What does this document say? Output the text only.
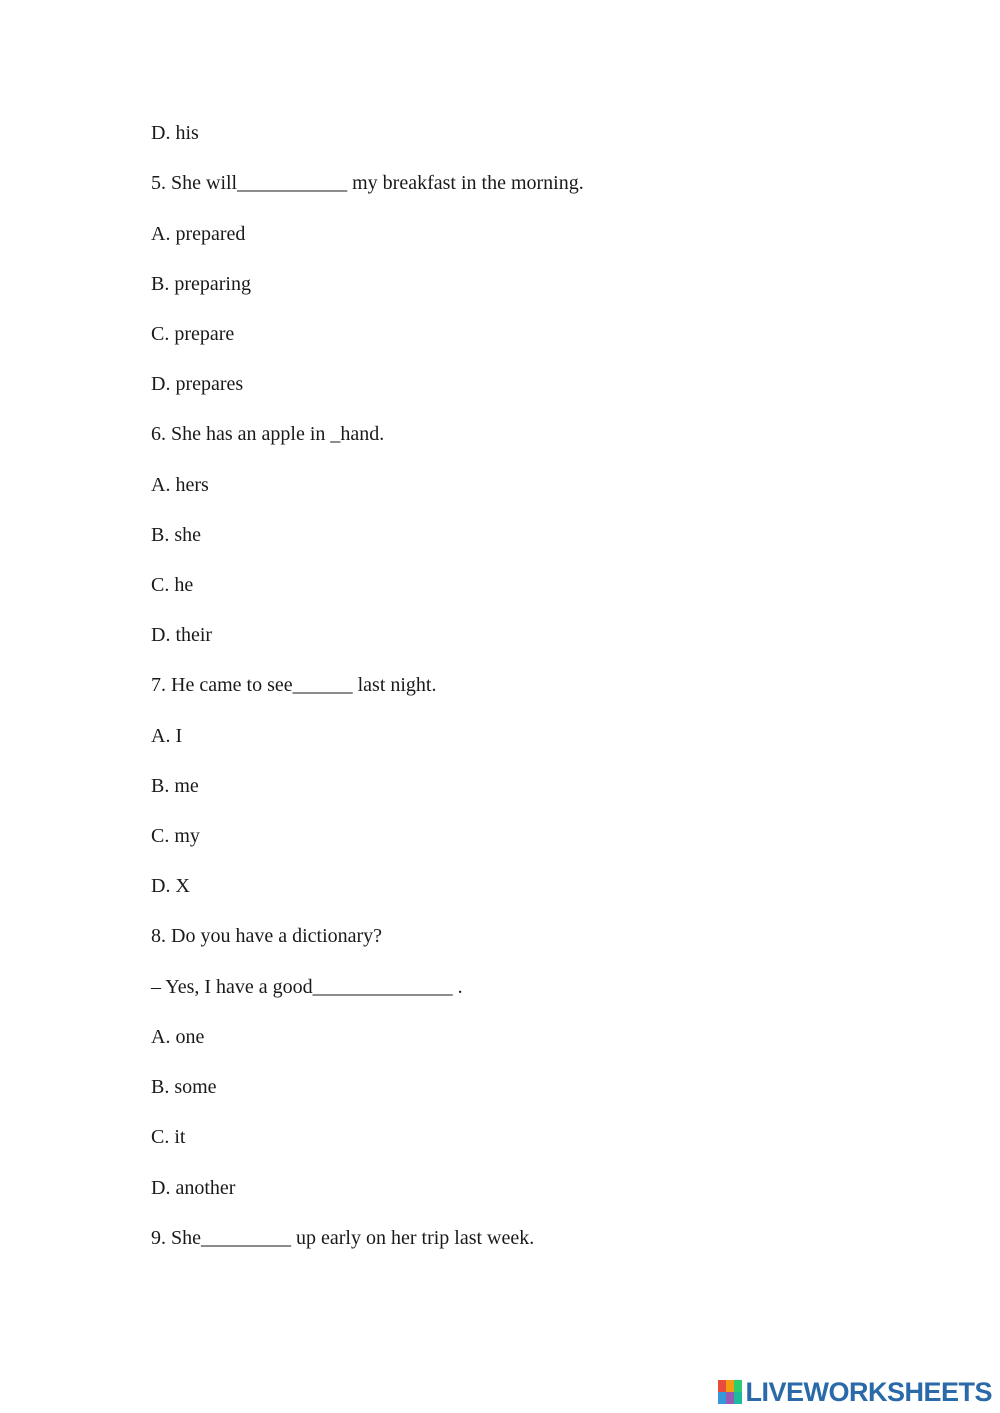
D. his
5. She will___________ my breakfast in the morning.
A. prepared
B. preparing
C. prepare
D. prepares
6. She has an apple in _hand.
A. hers
B. she
C. he
D. their
7. He came to see______ last night.
A. I
B. me
C. my
D. X
8. Do you have a dictionary?
– Yes, I have a good______________ .
A. one
B. some
C. it
D. another
9. She_________ up early on her trip last week.
LIVEWORKSHEETS
